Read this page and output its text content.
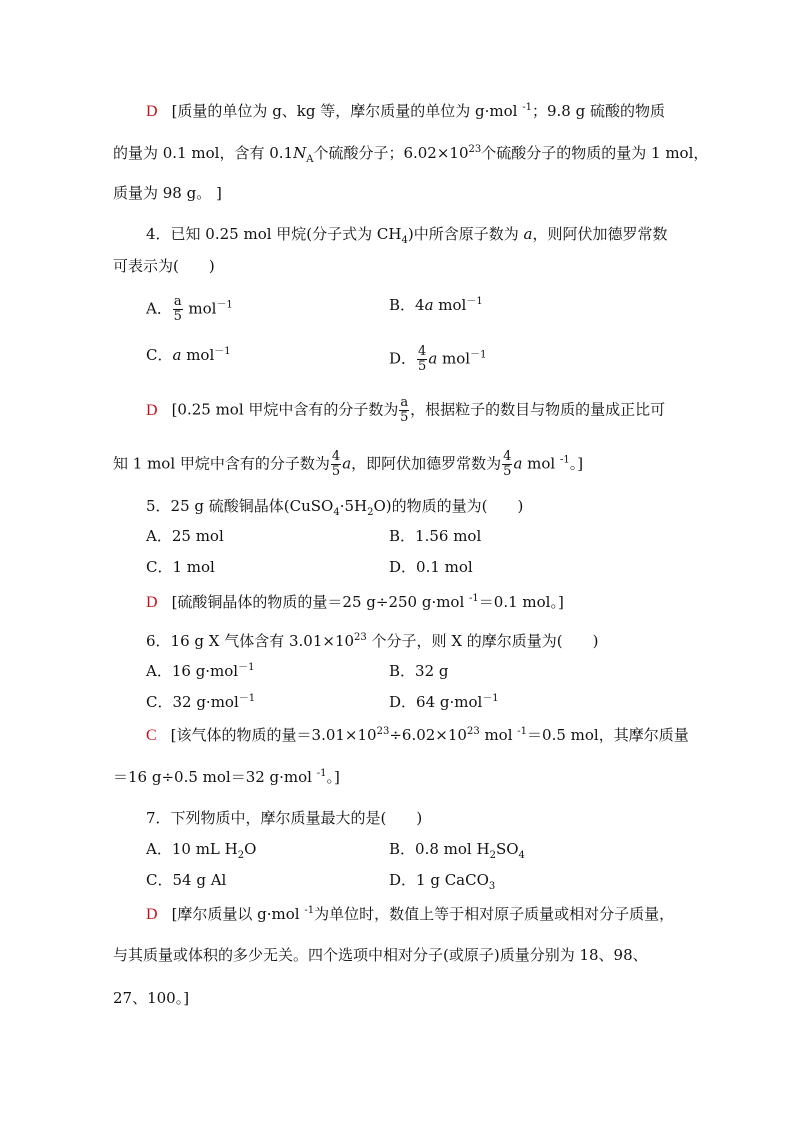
D [质量的单位为 g、kg 等，摩尔质量的单位为 g·mol $^{-1}$；9.8 g 硫酸的物质
的量为 0.1 mol，含有 $0.1N_A$个硫酸分子；$6.02\times 10^{23}$个硫酸分子的物质的量为 1 mol，
质量为 98 g。 ]
4．已知 0.25 mol 甲烷(分子式为 $CH_4$)中所含原子数为 a，则阿伏加德罗常数
可表示为(　　)
A． $\frac{a}{5} mol^{-1}$	B．4a mol$^{-1}$
C．a mol$^{-1}$	D． $\frac{4}{5}$ a mol$^{-1}$
D [0.25 mol 甲烷中含有的分子数为 $\frac{a}{5}$ ，根据粒子的数目与物质的量成正比可
知 1 mol 甲烷中含有的分子数为 $\frac{4}{5}$ a，即阿伏加德罗常数为 $\frac{4}{5}$ a mol $^{-1}$。]
5．25 g 硫酸铜晶体$(CuSO_4\cdot 5H_2O)$的物质的量为(　　)
A．25 mol	B．1.56 mol
C．1 mol	D．0.1 mol
D [硫酸铜晶体的物质的量＝25 g÷250 g·mol $^{-1}$＝0.1 mol。]
6．16 g X 气体含有 $3.01\times 10^{23}$ 个分子，则 X 的摩尔质量为(　　)
A．16 g·mol$^{-1}$	B．32 g
C．32 g·mol$^{-1}$	D．64 g·mol$^{-1}$
C [该气体的物质的量$=3.01\times 10^{23}\div 6.02\times 10^{23}$ mol $^{-1}$＝0.5 mol，其摩尔质量
＝16 g÷0.5 mol＝32 g·mol $^{-1}$。]
7．下列物质中，摩尔质量最大的是(　　)
A．10 mL $H_2O$	B．0.8 mol $H_2SO_4$
C．54 g Al	D．1 g CaCO$_3$
D [摩尔质量以 g·mol $^{-1}$为单位时，数值上等于相对原子质量或相对分子质量，
与其质量或体积的多少无关。四个选项中相对分子(或原子)质量分别为 18、98、
27、100。]
